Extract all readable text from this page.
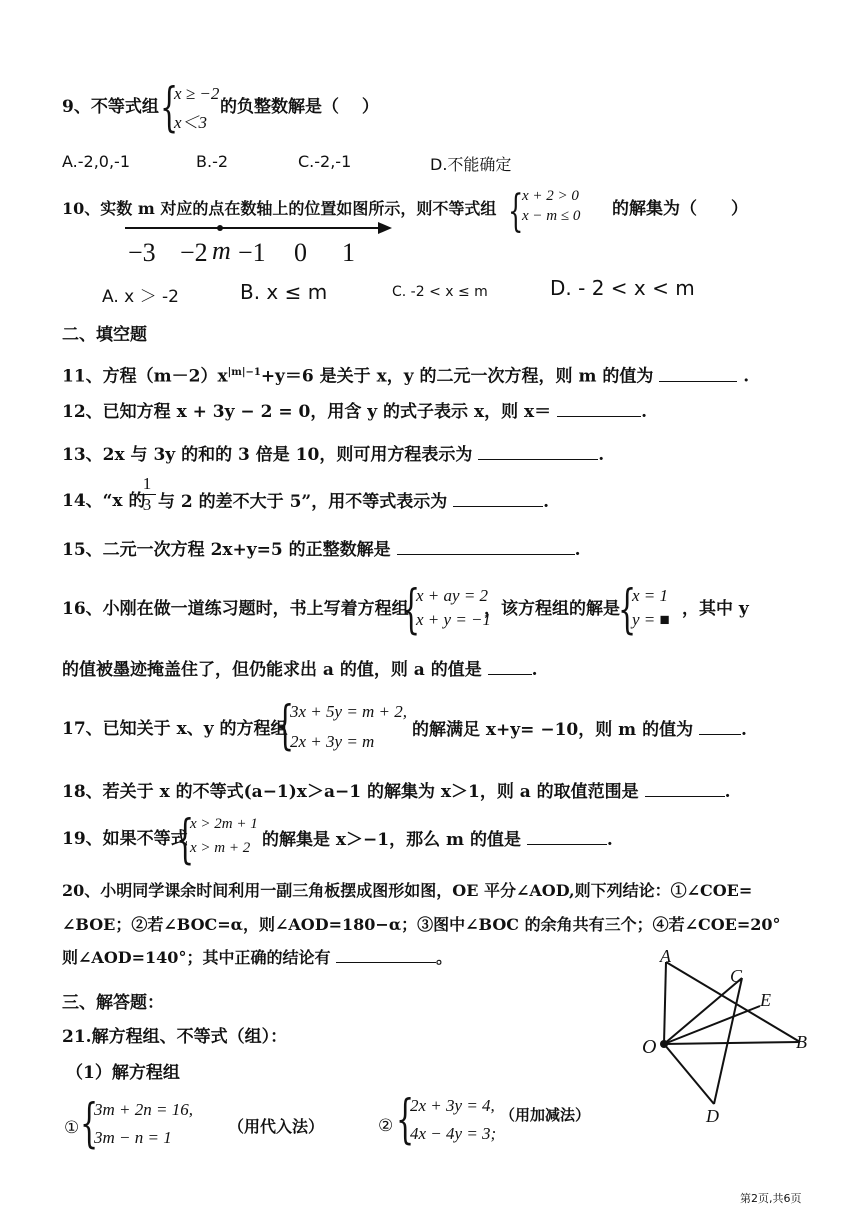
9、不等式组 {
x ≥ −2
x＜3
的负整数解是（　 ）
A.-2,0,-1	B.-2	C.-2,-1	D.不能确定
10、实数 m 对应的点在数轴上的位置如图所示，则不等式组 {
x + 2 > 0
x − m ≤ 0 的解集为（　　）
−3 −2 m −1 0 1
A. x ＞ -2	B. x ≤ m	C. -2 < x ≤ m	D. - 2 < x < m
二、填空题
11、方程$(m-2)x^{|m|-1}+y=6$ 是关于 x，y 的二元一次方程，则 m 的值为	.
12、已知方程 x + 3y − 2 = 0，用含 y 的式子表示 x，则 x＝	.
13、2x 与 3y 的和的 3 倍是 10，则可用方程表示为	.
14、“x 的
$\frac{1}{3}$ 与 2 的差不大于 5”，用不等式表示为	.
15、二元一次方程 2x+y=5 的正整数解是	.
16、小刚在做一道练习题时，书上写着方程组
{
x + ay = 2
x + y = −1
，该方程组的解是
{
x = 1
y = ■
，其中 y
的值被墨迹掩盖住了，但仍能求出 a 的值，则 a 的值是	.
17、已知关于 x、y 的方程组
{
3x + 5y = m + 2,
2x + 3y = m
的解满足 x+y= −10，则 m 的值为	.
18、若关于 x 的不等式(a−1)x＞a−1 的解集为 x＞1，则 a 的取值范围是	.
19、如果不等式
{
x > 2m + 1
x > m + 2 的解集是 x＞−1，那么 m 的值是	.
20、小明同学课余时间利用一副三角板摆成图形如图，OE 平分∠AOD,则下列结论：①∠COE=
∠BOE；②若∠BOC=α，则∠AOD=180−α；③图中∠BOC 的余角共有三个；④若∠COE=20°
则∠AOD=140°；其中正确的结论有	。
三、解答题：
21.解方程组、不等式（组）：
（1）解方程组
① {
3m + 2n = 16,
3m − n = 1
（用代入法）	② {
2x + 3y = 4,
4x − 4y = 3;
（用加减法）
A
C
E
O	B
D
第2页,共6页
